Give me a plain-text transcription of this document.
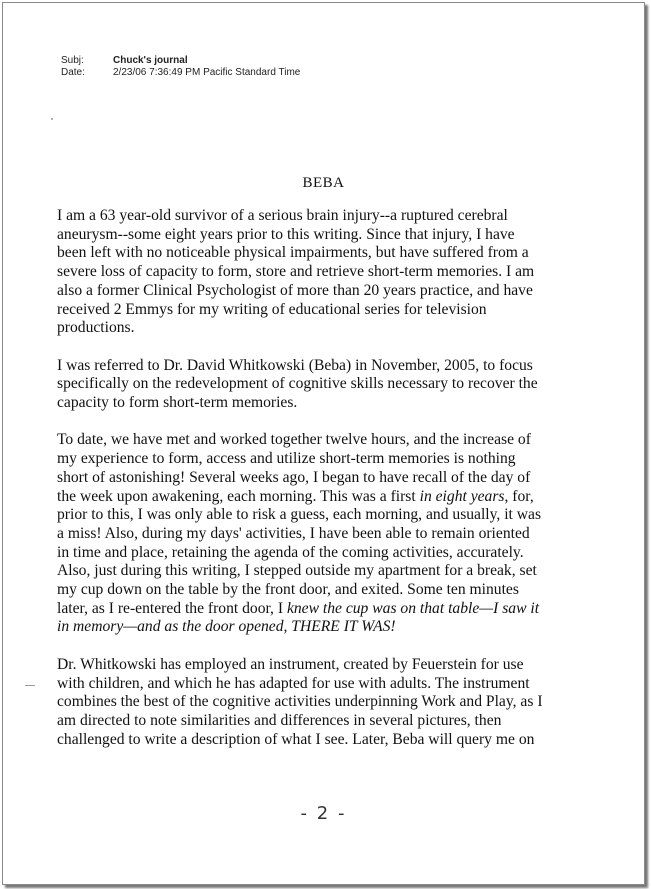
Subj:	Chuck's journal
Date:	2/23/06 7:36:49 PM Pacific Standard Time
BEBA

I am a 63 year-old survivor of a serious brain injury--a ruptured cerebral
aneurysm--some eight years prior to this writing. Since that injury, I have
been left with no noticeable physical impairments, but have suffered from a
severe loss of capacity to form, store and retrieve short-term memories. I am
also a former Clinical Psychologist of more than 20 years practice, and have
received 2 Emmys for my writing of educational series for television
productions.

I was referred to Dr. David Whitkowski (Beba) in November, 2005, to focus
specifically on the redevelopment of cognitive skills necessary to recover the
capacity to form short-term memories.

To date, we have met and worked together twelve hours, and the increase of
my experience to form, access and utilize short-term memories is nothing
short of astonishing! Several weeks ago, I began to have recall of the day of
the week upon awakening, each morning. This was a first in eight years, for,
prior to this, I was only able to risk a guess, each morning, and usually, it was
a miss! Also, during my days' activities, I have been able to remain oriented
in time and place, retaining the agenda of the coming activities, accurately.
Also, just during this writing, I stepped outside my apartment for a break, set
my cup down on the table by the front door, and exited. Some ten minutes
later, as I re-entered the front door, I knew the cup was on that table—I saw it
in memory—and as the door opened, THERE IT WAS!

Dr. Whitkowski has employed an instrument, created by Feuerstein for use
with children, and which he has adapted for use with adults. The instrument
combines the best of the cognitive activities underpinning Work and Play, as I
am directed to note similarities and differences in several pictures, then
challenged to write a description of what I see. Later, Beba will query me on

- 2 -
